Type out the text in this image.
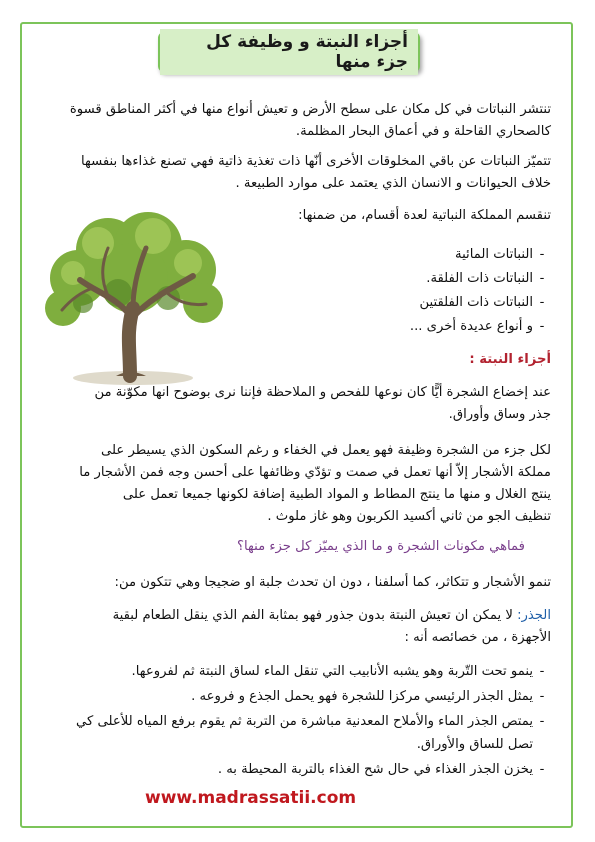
أجزاء النبتة و وظيفة كل جزء منها

تنتشر النباتات في كل مكان على سطح الأرض و تعيش أنواع منها في أكثر المناطق قسوة
كالصحاري القاحلة و في أعماق البحار المظلمة.

تتميّز النباتات عن باقي المخلوقات الأخرى أنّها ذات تغذية ذاتية فهي تصنع غذاءها بنفسها
خلاف الحيوانات و الانسان الذي يعتمد على موارد الطبيعة .

تنقسم المملكة النباتية لعدة أقسام، من ضمنها:

-
النباتات المائية
-
النباتات ذات الفلقة.
-
النباتات ذات الفلقتين
-
و أنواع عديدة أخرى ...

أجزاء النبتة :

عند إخضاع الشجرة أيًّا كان نوعها للفحص و الملاحظة فإننا نرى بوضوح انها مكوّنة من
جذر وساق وأوراق.

لكل جزء من الشجرة وظيفة فهو يعمل في الخفاء و رغم السكون الذي يسيطر على
مملكة الأشجار إلاّ أنها تعمل في صمت و تؤدّي وظائفها على أحسن وجه فمن الأشجار ما
ينتج الغلال و منها ما ينتج المطاط و المواد الطبية إضافة لكونها جميعا تعمل على
تنظيف الجو من ثاني أكسيد الكربون وهو غاز ملوث .

فماهي مكونات الشجرة و ما الذي يميّز كل جزء منها؟

تنمو الأشجار و تتكاثر، كما أسلفنا ، دون ان تحدث جلبة او ضجيجا وهي تتكون من:

الجذر: لا يمكن ان تعيش النبتة بدون جذور فهو بمثابة الفم الذي ينقل الطعام لبقية
الأجهزة ، من خصائصه أنه :

-
ينمو تحت التّربة وهو يشبه الأنابيب التي تنقل الماء لساق النبتة ثم لفروعها.
-
يمثل الجذر الرئيسي مركزا للشجرة فهو يحمل الجذع و فروعه .
-
يمتص الجذر الماء والأملاح المعدنية مباشرة من التربة ثم يقوم برفع المياه للأعلى كي
تصل للساق والأوراق.
-
يخزن الجذر الغذاء في حال شح الغذاء بالتربة المحيطة به .
www.madrassatii.com
